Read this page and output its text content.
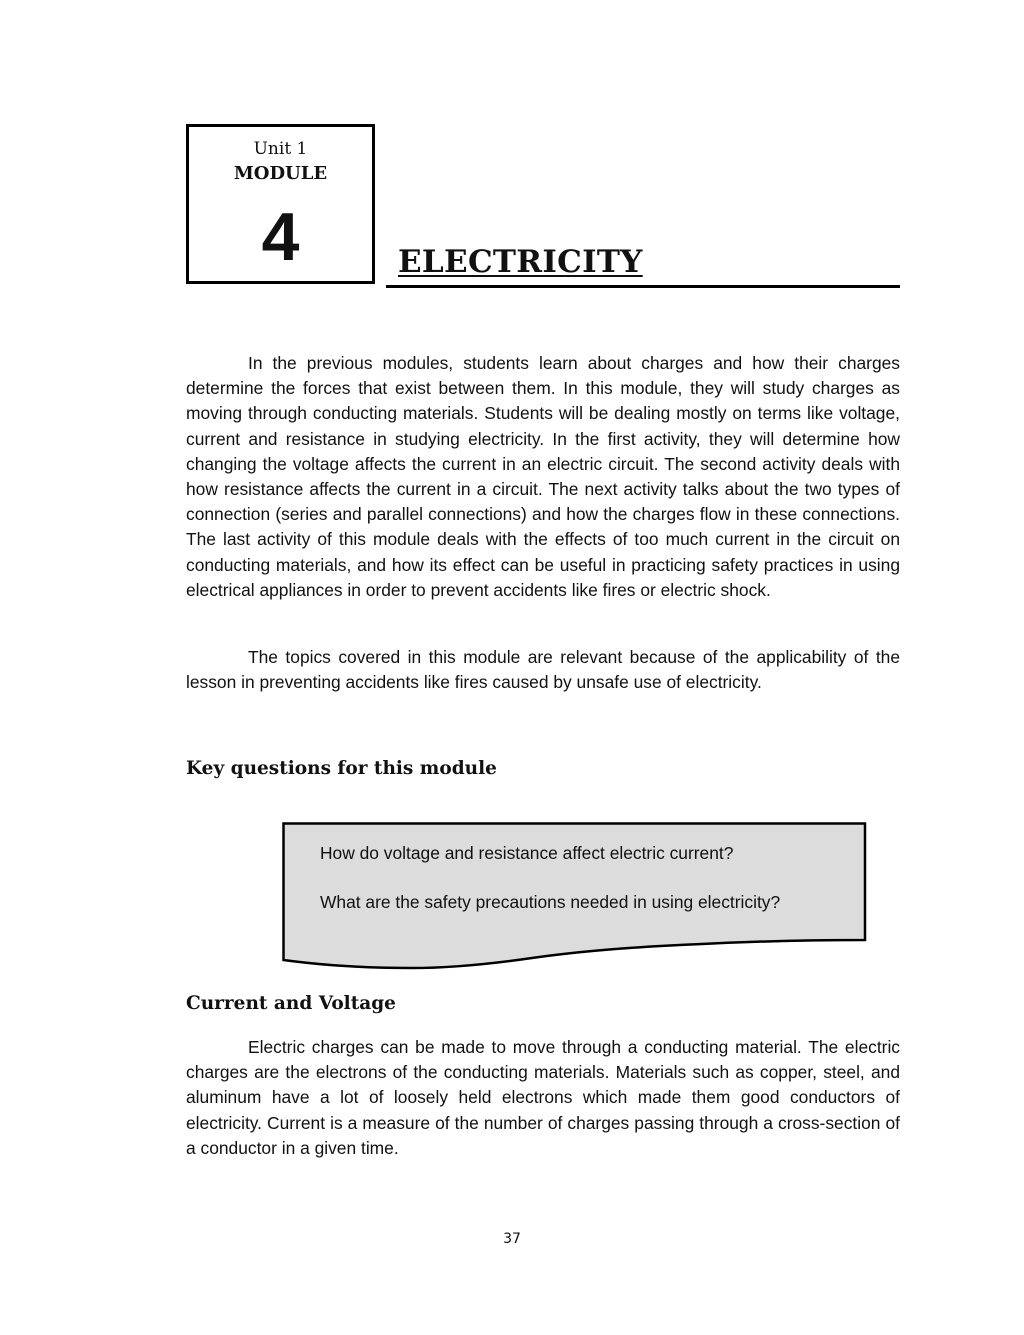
Unit 1
MODULE
4	ELECTRICITY

In the previous modules, students learn about charges and how their charges determine the forces that exist between them. In this module, they will study charges as moving through conducting materials. Students will be dealing mostly on terms like voltage, current and resistance in studying electricity. In the first activity, they will determine how changing the voltage affects the current in an electric circuit. The second activity deals with how resistance affects the current in a circuit. The next activity talks about the two types of connection (series and parallel connections) and how the charges flow in these connections. The last activity of this module deals with the effects of too much current in the circuit on conducting materials, and how its effect can be useful in practicing safety practices in using electrical appliances in order to prevent accidents like fires or electric shock.

The topics covered in this module are relevant because of the applicability of the lesson in preventing accidents like fires caused by unsafe use of electricity.

Key questions for this module

How do voltage and resistance affect electric current?

What are the safety precautions needed in using electricity?

Current and Voltage

Electric charges can be made to move through a conducting material. The electric charges are the electrons of the conducting materials. Materials such as copper, steel, and aluminum have a lot of loosely held electrons which made them good conductors of electricity. Current is a measure of the number of charges passing through a cross-section of a conductor in a given time.

37
